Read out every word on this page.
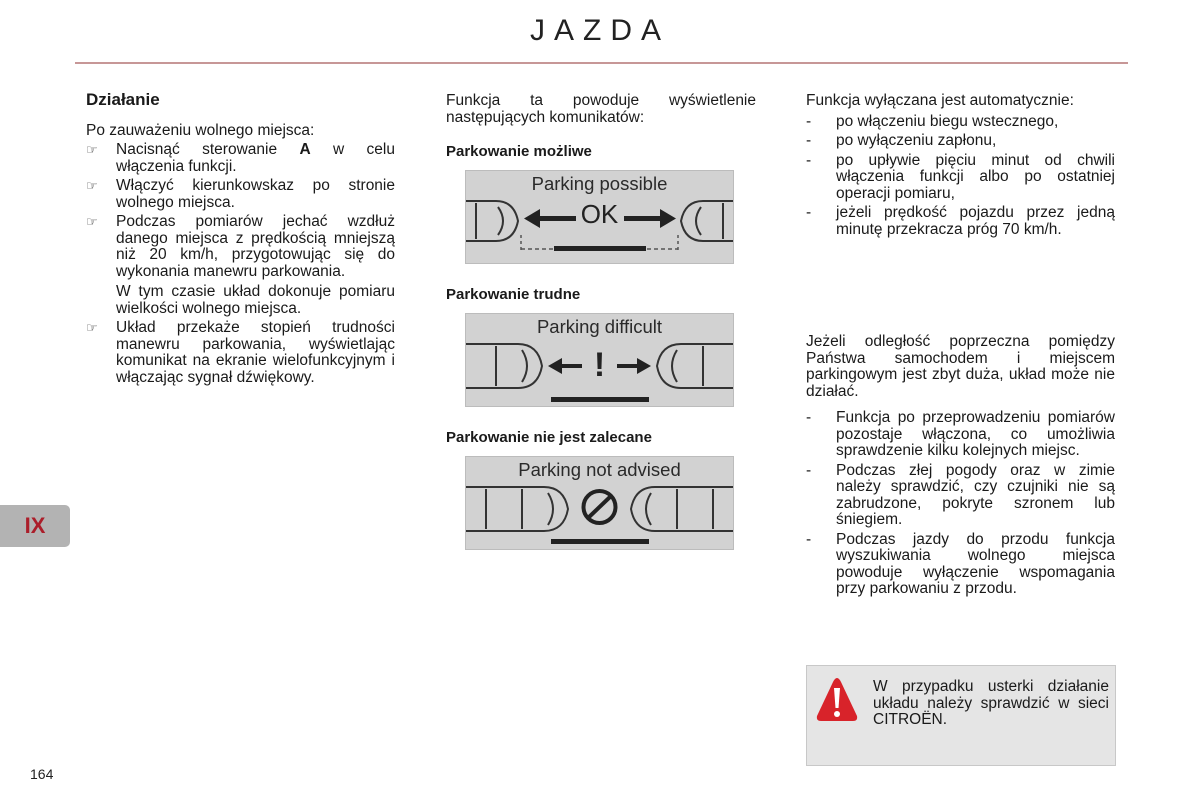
JAZDA
IX
164
Działanie

Po zauważeniu wolnego miejsca:

☞	Nacisnąć sterowanie A w celu włączenia funkcji.
☞	Włączyć kierunkowskaz po stronie wolnego miejsca.
☞	Podczas pomiarów jechać wzdłuż danego miejsca z prędkością mniejszą niż 20 km/h, przygotowując się do wykonania manewru parkowania.
W tym czasie układ dokonuje pomiaru wielkości wolnego miejsca.
☞	Układ przekaże stopień trudności manewru parkowania, wyświetlając komunikat na ekranie wielofunkcyjnym i włączając sygnał dźwiękowy.

Funkcja ta powoduje wyświetlenie następujących komunikatów:

Parkowanie możliwe
Parking possible
OK
Parkowanie trudne
Parking difficult
!
Parkowanie nie jest zalecane
Parking not advised

Funkcja wyłączana jest automatycznie:

-	po włączeniu biegu wstecznego,
-	po wyłączeniu zapłonu,
-	po upływie pięciu minut od chwili włączenia funkcji albo po ostatniej operacji pomiaru,
-	jeżeli prędkość pojazdu przez jedną minutę przekracza próg 70 km/h.

Jeżeli odległość poprzeczna pomiędzy Państwa samochodem i miejscem parkingowym jest zbyt duża, układ może nie działać.

-	Funkcja po przeprowadzeniu pomiarów pozostaje włączona, co umożliwia sprawdzenie kilku kolejnych miejsc.
-	Podczas złej pogody oraz w zimie należy sprawdzić, czy czujniki nie są zabrudzone, pokryte szronem lub śniegiem.
-	Podczas jazdy do przodu funkcja wyszukiwania wolnego miejsca powoduje wyłączenie wspomagania przy parkowaniu z przodu.
W przypadku usterki działanie układu należy sprawdzić w sieci CITROËN.
